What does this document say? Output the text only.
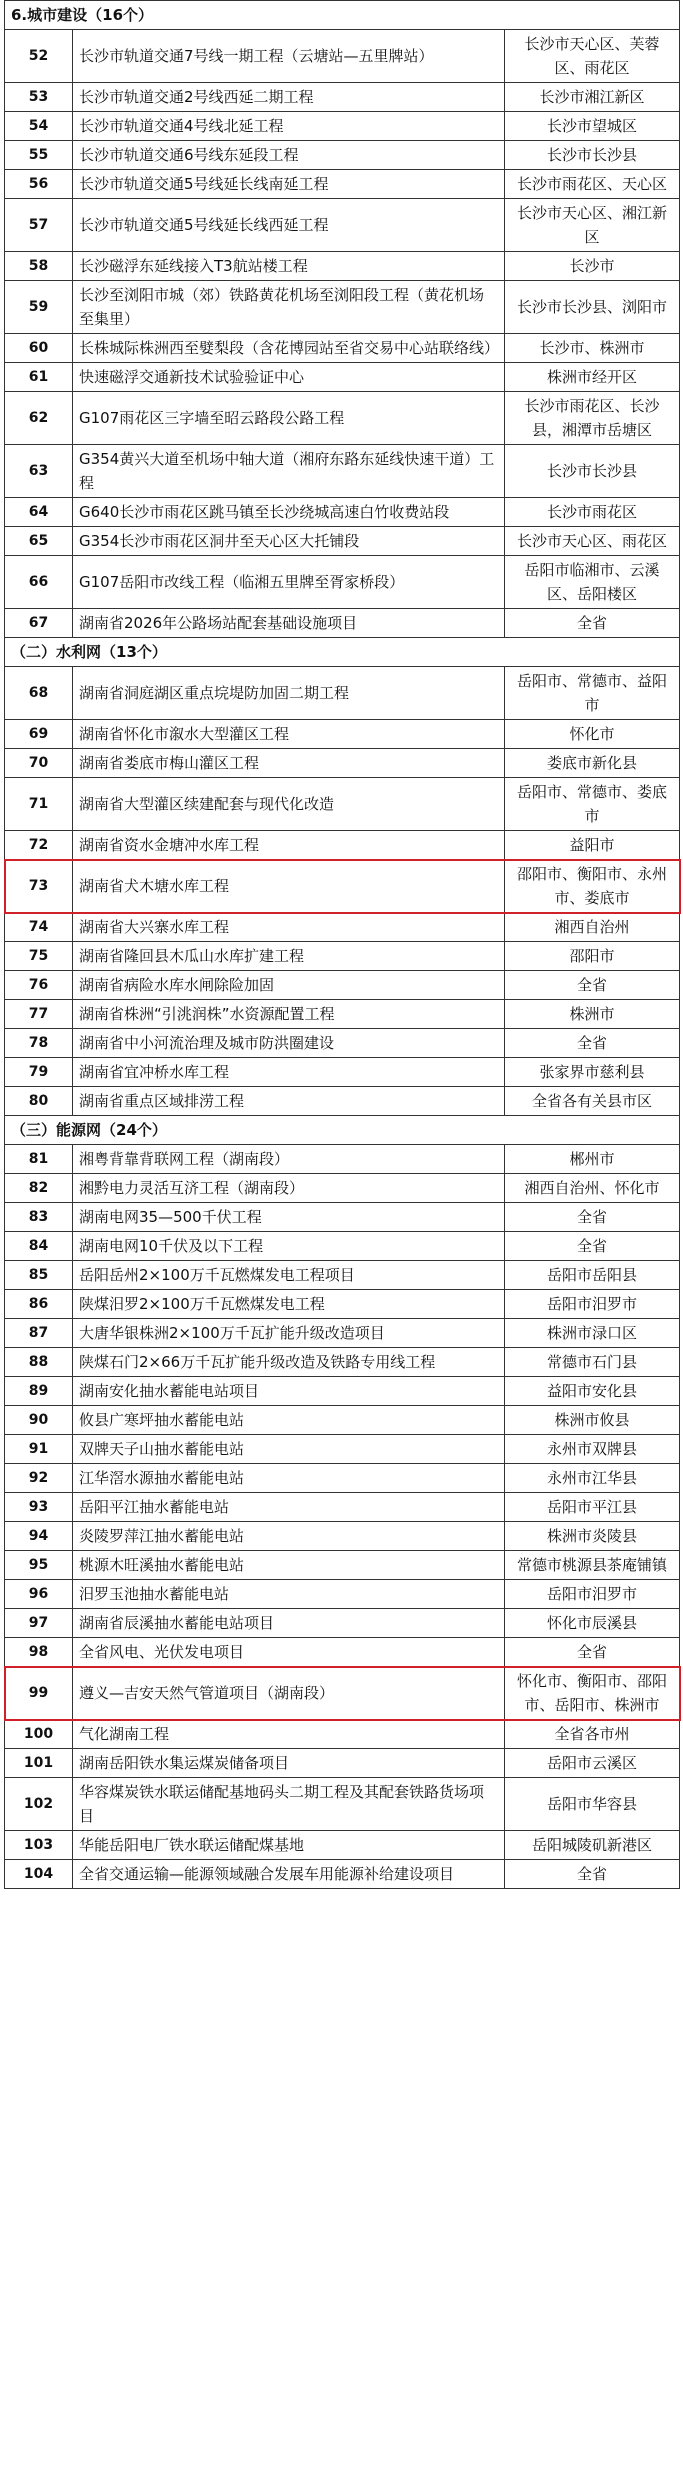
6.城市建设（16个）		
52	长沙市轨道交通7号线一期工程（云塘站—五里牌站）	长沙市天心区、芙蓉区、雨花区
53	长沙市轨道交通2号线西延二期工程	长沙市湘江新区
54	长沙市轨道交通4号线北延工程	长沙市望城区
55	长沙市轨道交通6号线东延段工程	长沙市长沙县
56	长沙市轨道交通5号线延长线南延工程	长沙市雨花区、天心区
57	长沙市轨道交通5号线延长线西延工程	长沙市天心区、湘江新区
58	长沙磁浮东延线接入T3航站楼工程	长沙市
59	长沙至浏阳市城（郊）铁路黄花机场至浏阳段工程（黄花机场至集里）	长沙市长沙县、浏阳市
60	长株城际株洲西至嬖梨段（含花博园站至省交易中心站联络线）	长沙市、株洲市
61	快速磁浮交通新技术试验验证中心	株洲市经开区
62	G107雨花区三字墙至昭云路段公路工程	长沙市雨花区、长沙县，湘潭市岳塘区
63	G354黄兴大道至机场中轴大道（湘府东路东延线快速干道）工程	长沙市长沙县
64	G640长沙市雨花区跳马镇至长沙绕城高速白竹收费站段	长沙市雨花区
65	G354长沙市雨花区洞井至天心区大托铺段	长沙市天心区、雨花区
66	G107岳阳市改线工程（临湘五里牌至胥家桥段）	岳阳市临湘市、云溪区、岳阳楼区
67	湖南省2026年公路场站配套基础设施项目	全省
（二）水利网（13个）		
68	湖南省洞庭湖区重点垸堤防加固二期工程	岳阳市、常德市、益阳市
69	湖南省怀化市溆水大型灌区工程	怀化市
70	湖南省娄底市梅山灌区工程	娄底市新化县
71	湖南省大型灌区续建配套与现代化改造	岳阳市、常德市、娄底市
72	湖南省资水金塘冲水库工程	益阳市
73	湖南省犬木塘水库工程	邵阳市、衡阳市、永州市、娄底市
74	湖南省大兴寨水库工程	湘西自治州
75	湖南省隆回县木瓜山水库扩建工程	邵阳市
76	湖南省病险水库水闸除险加固	全省
77	湖南省株洲“引洮润株”水资源配置工程	株洲市
78	湖南省中小河流治理及城市防洪圈建设	全省
79	湖南省宜冲桥水库工程	张家界市慈利县
80	湖南省重点区域排涝工程	全省各有关县市区
（三）能源网（24个）		
81	湘粤背靠背联网工程（湖南段）	郴州市
82	湘黔电力灵活互济工程（湖南段）	湘西自治州、怀化市
83	湖南电网35—500千伏工程	全省
84	湖南电网10千伏及以下工程	全省
85	岳阳岳州2×100万千瓦燃煤发电工程项目	岳阳市岳阳县
86	陕煤汨罗2×100万千瓦燃煤发电工程	岳阳市汨罗市
87	大唐华银株洲2×100万千瓦扩能升级改造项目	株洲市渌口区
88	陕煤石门2×66万千瓦扩能升级改造及铁路专用线工程	常德市石门县
89	湖南安化抽水蓄能电站项目	益阳市安化县
90	攸县广寒坪抽水蓄能电站	株洲市攸县
91	双牌天子山抽水蓄能电站	永州市双牌县
92	江华滘水源抽水蓄能电站	永州市江华县
93	岳阳平江抽水蓄能电站	岳阳市平江县
94	炎陵罗萍江抽水蓄能电站	株洲市炎陵县
95	桃源木旺溪抽水蓄能电站	常德市桃源县茶庵铺镇
96	汨罗玉池抽水蓄能电站	岳阳市汨罗市
97	湖南省辰溪抽水蓄能电站项目	怀化市辰溪县
98	全省风电、光伏发电项目	全省
99	遵义—吉安天然气管道项目（湖南段）	怀化市、衡阳市、邵阳市、岳阳市、株洲市
100	气化湖南工程	全省各市州
101	湖南岳阳铁水集运煤炭储备项目	岳阳市云溪区
102	华容煤炭铁水联运储配基地码头二期工程及其配套铁路货场项目	岳阳市华容县
103	华能岳阳电厂铁水联运储配煤基地	岳阳城陵矶新港区
104	全省交通运输—能源领域融合发展车用能源补给建设项目	全省
